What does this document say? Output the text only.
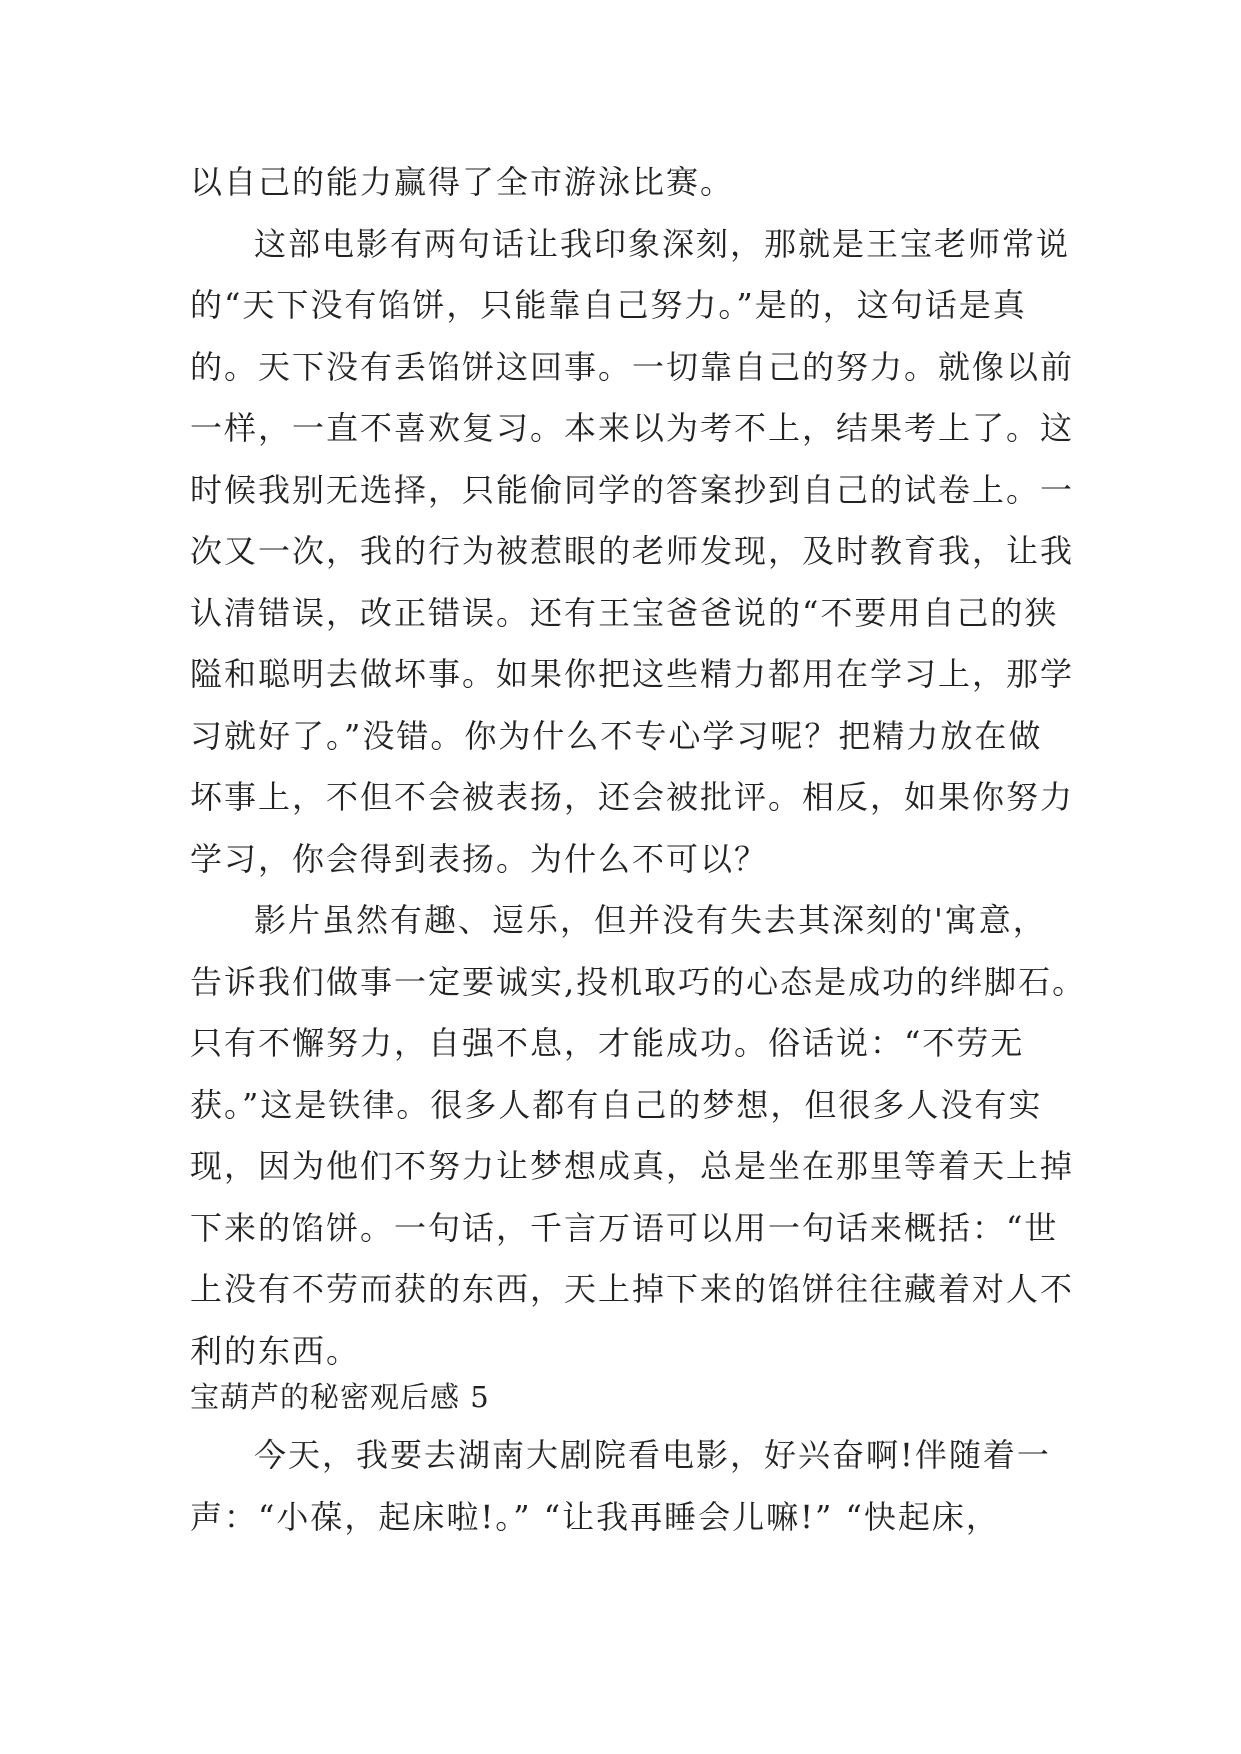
以自己的能力赢得了全市游泳比赛。
这部电影有两句话让我印象深刻，那就是王宝老师常说
的“天下没有馅饼，只能靠自己努力。”是的，这句话是真
的。天下没有丢馅饼这回事。一切靠自己的努力。就像以前
一样，一直不喜欢复习。本来以为考不上，结果考上了。这
时候我别无选择，只能偷同学的答案抄到自己的试卷上。一
次又一次，我的行为被惹眼的老师发现，及时教育我，让我
认清错误，改正错误。还有王宝爸爸说的“不要用自己的狭
隘和聪明去做坏事。如果你把这些精力都用在学习上，那学
习就好了。”没错。你为什么不专心学习呢？把精力放在做
坏事上，不但不会被表扬，还会被批评。相反，如果你努力
学习，你会得到表扬。为什么不可以？
影片虽然有趣、逗乐，但并没有失去其深刻的'寓意，
告诉我们做事一定要诚实,投机取巧的心态是成功的绊脚石。
只有不懈努力，自强不息，才能成功。俗话说：“不劳无
获。”这是铁律。很多人都有自己的梦想，但很多人没有实
现，因为他们不努力让梦想成真，总是坐在那里等着天上掉
下来的馅饼。一句话，千言万语可以用一句话来概括：“世
上没有不劳而获的东西，天上掉下来的馅饼往往藏着对人不
利的东西。
宝葫芦的秘密观后感 5
今天，我要去湖南大剧院看电影，好兴奋啊!伴随着一
声：“小葆，起床啦!。” “让我再睡会儿嘛!” “快起床，
